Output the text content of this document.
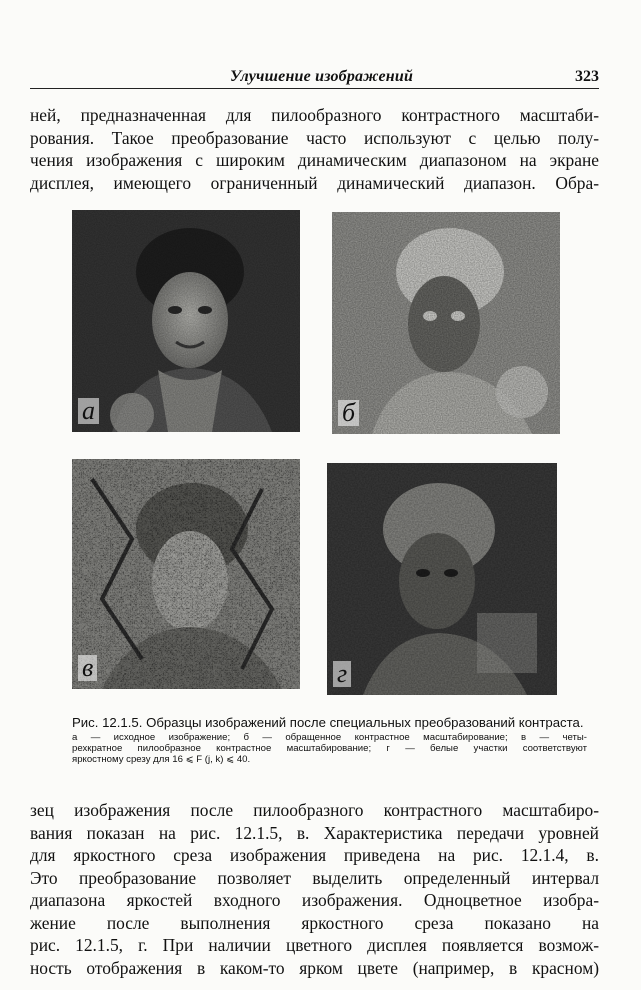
Улучшение изображений	323
ней, предназначенная для пилообразного контрастного масштаби-
рования. Такое преобразование часто используют с целью полу-
чения изображения с широким динамическим диапазоном на экране
дисплея, имеющего ограниченный динамический диапазон. Обра-
a	б
в	г
Рис. 12.1.5. Образцы изображений после специальных преобразований контраста.
а — исходное изображение; б — обращенное контрастное масштабирование; в — четы-
рехкратное пилообразное контрастное масштабирование; г — белые участки соответствуют
яркостному срезу для 16 ⩽ F (j, k) ⩽ 40.
зец изображения после пилообразного контрастного масштабиро-
вания показан на рис. 12.1.5, в. Характеристика передачи уровней
для яркостного среза изображения приведена на рис. 12.1.4, в.
Это преобразование позволяет выделить определенный интервал
диапазона яркостей входного изображения. Одноцветное изобра-
жение после выполнения яркостного среза показано на
рис. 12.1.5, г. При наличии цветного дисплея появляется возмож-
ность отображения в каком-то ярком цвете (например, в красном)
